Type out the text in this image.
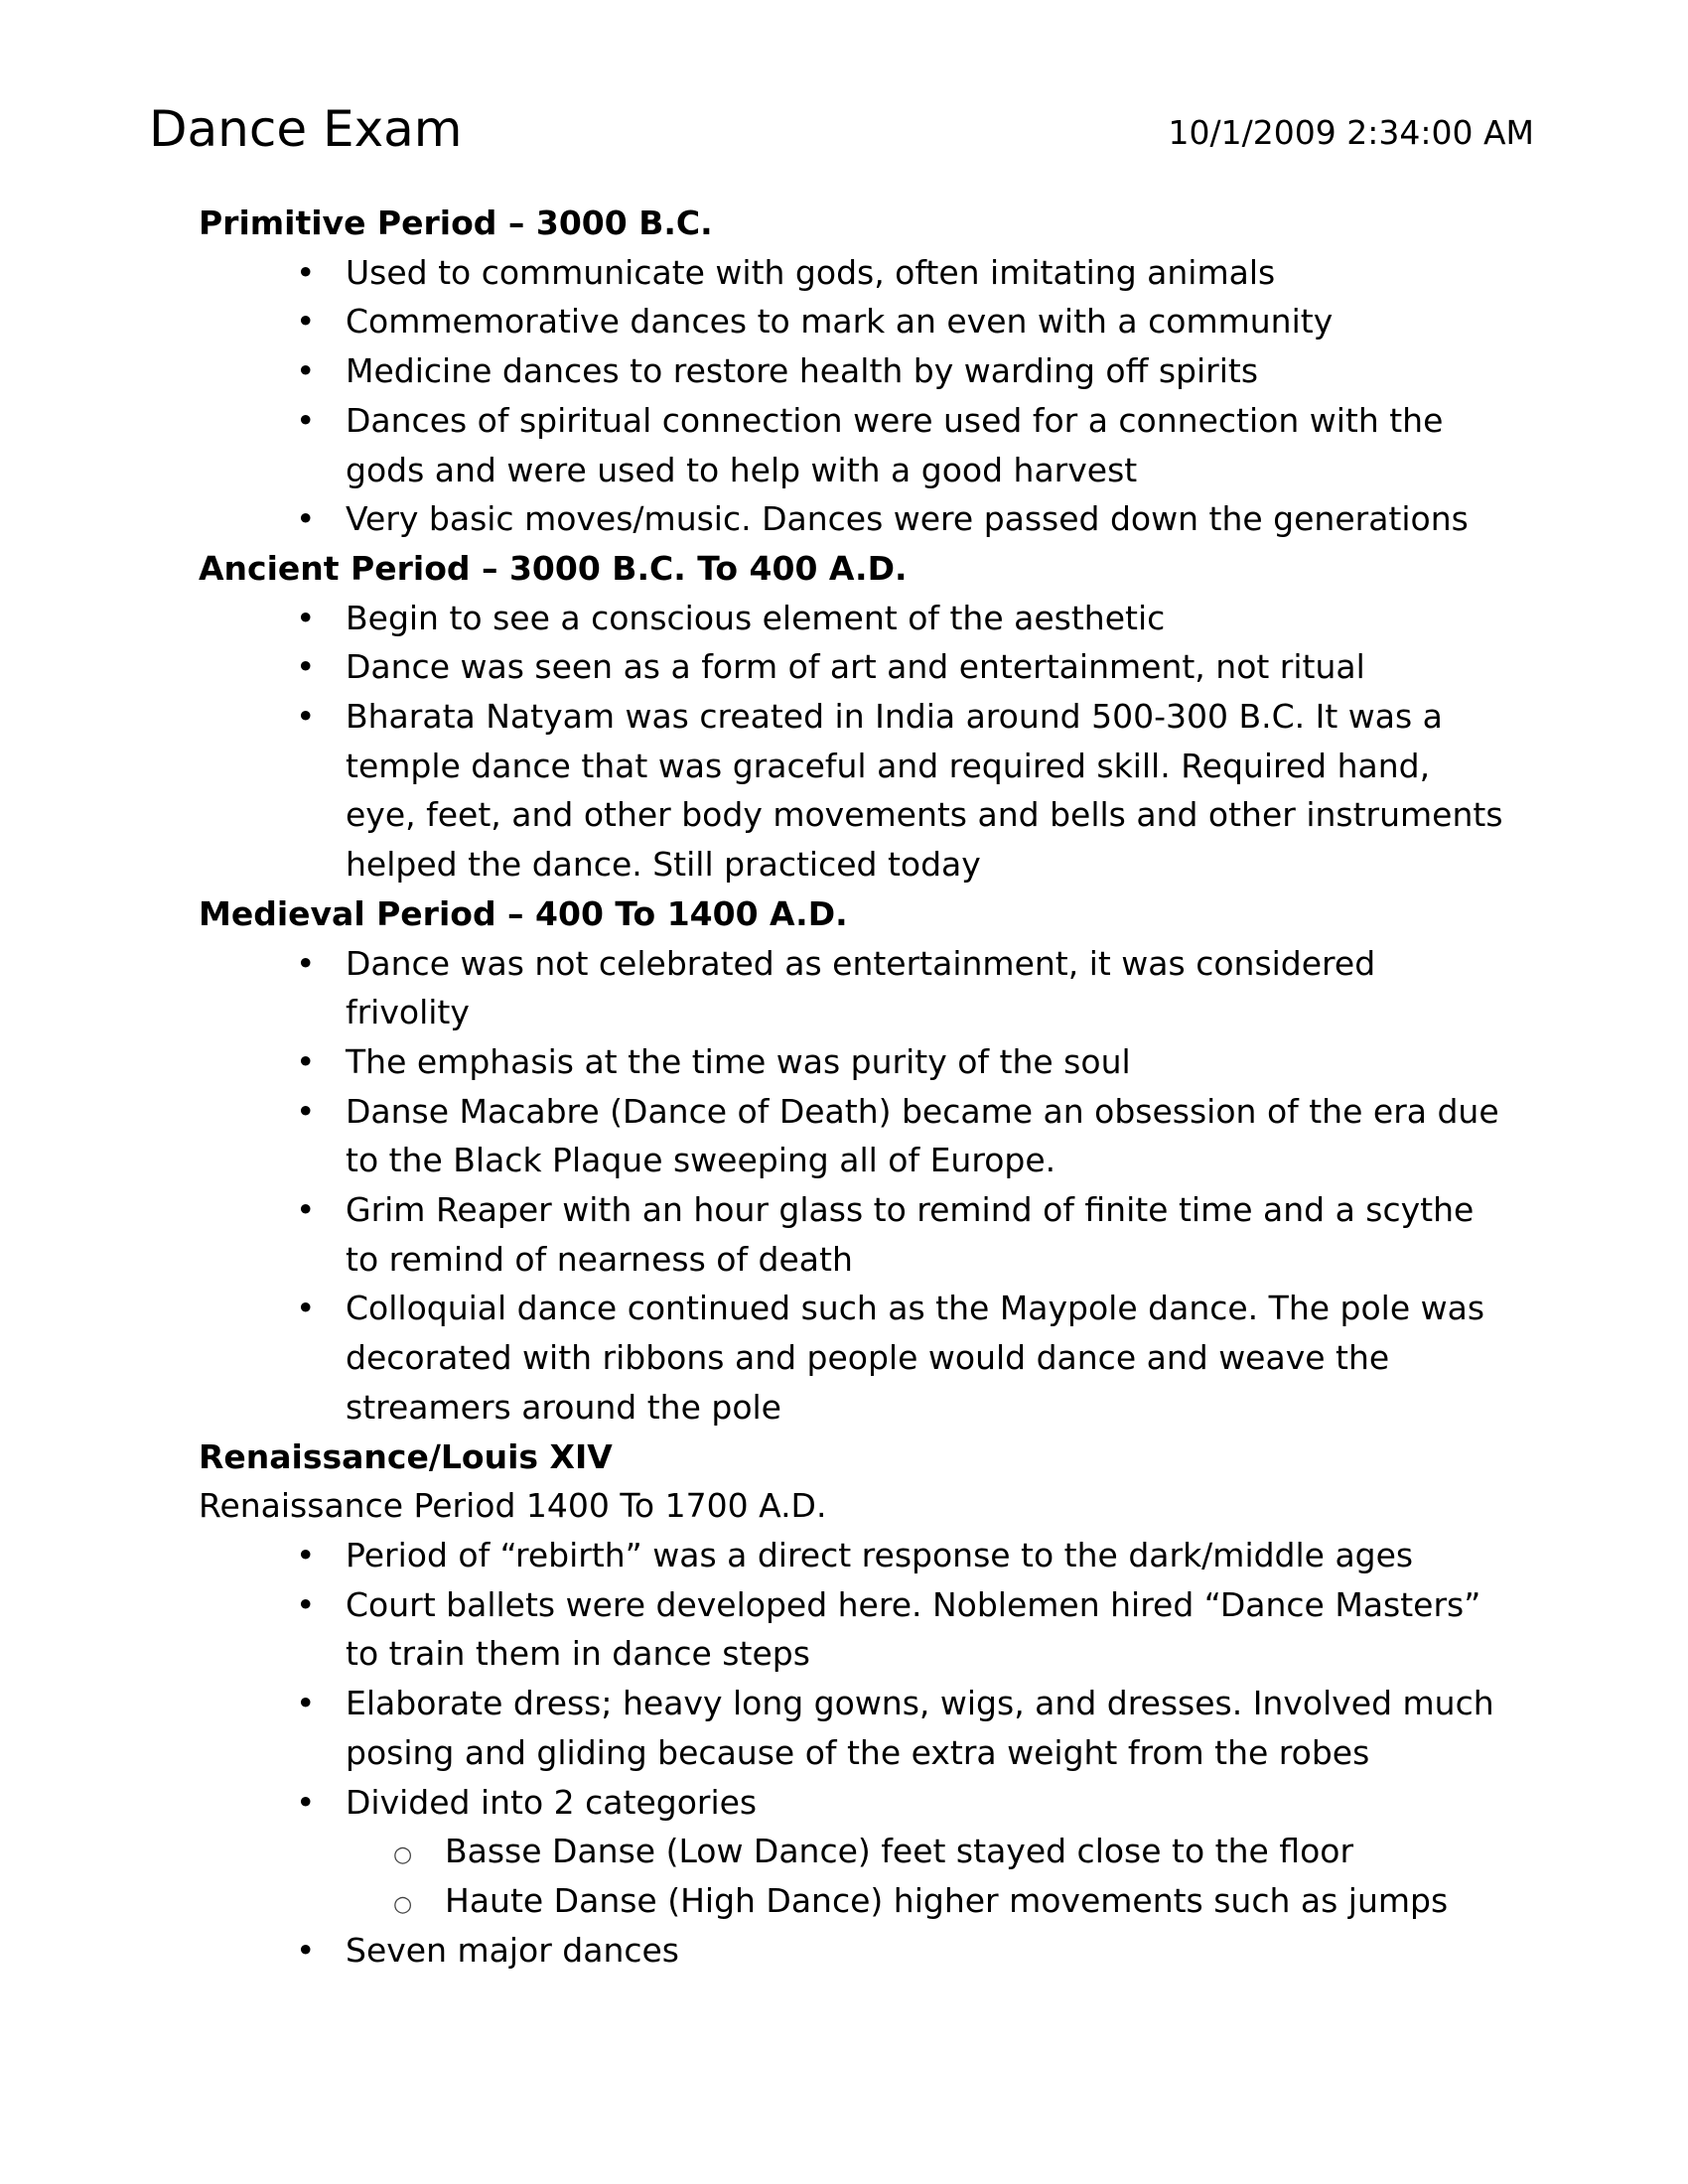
Dance Exam	10/1/2009 2:34:00 AM
Primitive Period – 3000 B.C.
• Used to communicate with gods, often imitating animals
• Commemorative dances to mark an even with a community
• Medicine dances to restore health by warding off spirits
• Dances of spiritual connection were used for a connection with the gods and were used to help with a good harvest
• Very basic moves/music. Dances were passed down the generations
Ancient Period – 3000 B.C. To 400 A.D.
• Begin to see a conscious element of the aesthetic
• Dance was seen as a form of art and entertainment, not ritual
• Bharata Natyam was created in India around 500-300 B.C. It was a temple dance that was graceful and required skill. Required hand, eye, feet, and other body movements and bells and other instruments helped the dance. Still practiced today
Medieval Period – 400 To 1400 A.D.
• Dance was not celebrated as entertainment, it was considered frivolity
• The emphasis at the time was purity of the soul
• Danse Macabre (Dance of Death) became an obsession of the era due to the Black Plaque sweeping all of Europe.
• Grim Reaper with an hour glass to remind of finite time and a scythe to remind of nearness of death
• Colloquial dance continued such as the Maypole dance. The pole was decorated with ribbons and people would dance and weave the streamers around the pole
Renaissance/Louis XIV
Renaissance Period 1400 To 1700 A.D.
• Period of “rebirth” was a direct response to the dark/middle ages
• Court ballets were developed here. Noblemen hired “Dance Masters” to train them in dance steps
• Elaborate dress; heavy long gowns, wigs, and dresses. Involved much posing and gliding because of the extra weight from the robes
• Divided into 2 categories
○ Basse Danse (Low Dance) feet stayed close to the floor
○ Haute Danse (High Dance) higher movements such as jumps
• Seven major dances
